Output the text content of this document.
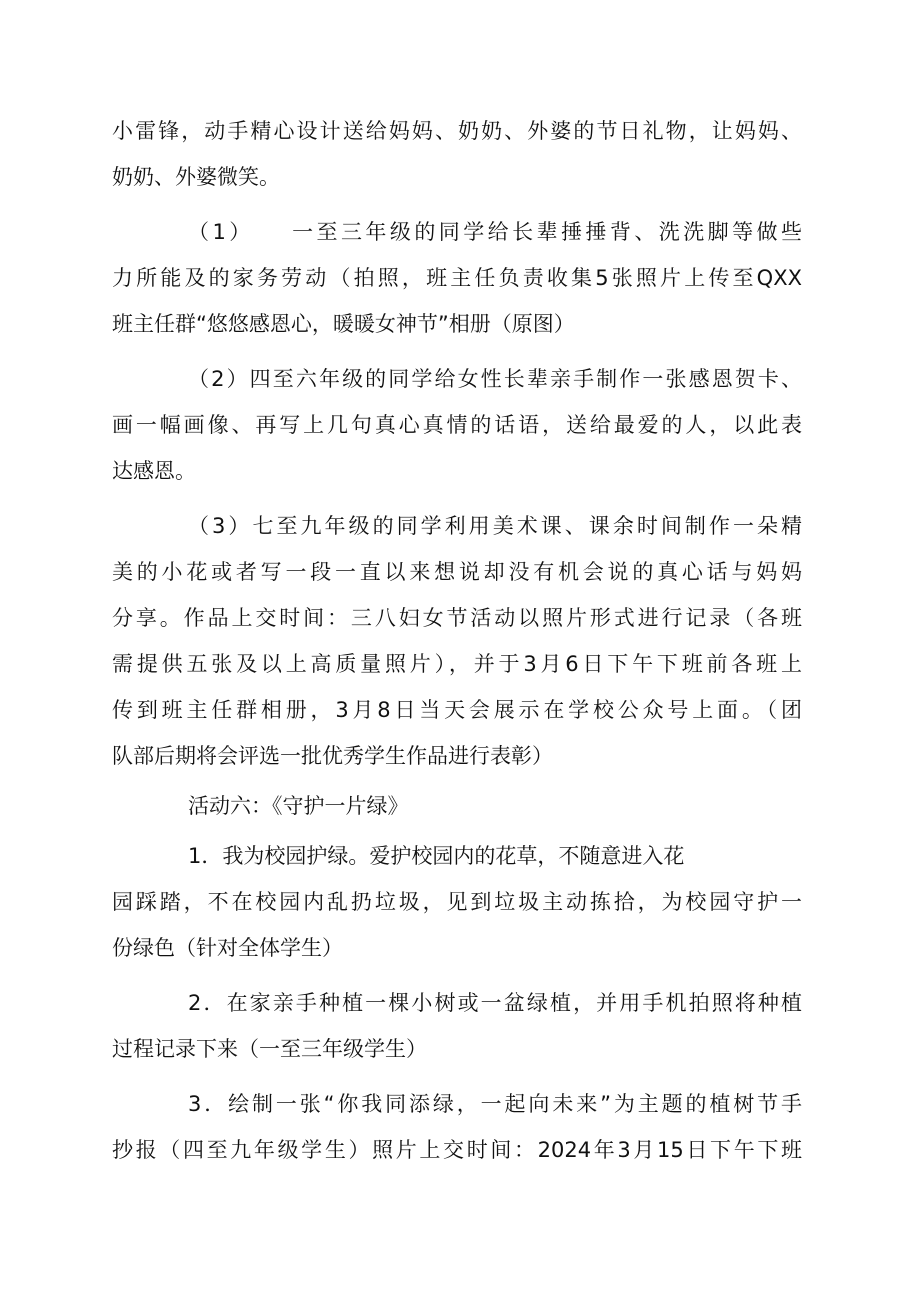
小雷锋，动手精心设计送给妈妈、奶奶、外婆的节日礼物，让妈妈、
奶奶、外婆微笑。
（1）　　一至三年级的同学给长辈捶捶背、洗洗脚等做些
力所能及的家务劳动（拍照，班主任负责收集5张照片上传至QXX
班主任群“悠悠感恩心，暖暖女神节”相册（原图）
（2）四至六年级的同学给女性长辈亲手制作一张感恩贺卡、
画一幅画像、再写上几句真心真情的话语，送给最爱的人，以此表
达感恩。
（3）七至九年级的同学利用美术课、课余时间制作一朵精
美的小花或者写一段一直以来想说却没有机会说的真心话与妈妈
分享。作品上交时间：三八妇女节活动以照片形式进行记录（各班
需提供五张及以上高质量照片），并于3月6日下午下班前各班上
传到班主任群相册，3月8日当天会展示在学校公众号上面。（团
队部后期将会评选一批优秀学生作品进行表彰）
活动六：《守护一片绿》
1．我为校园护绿。爱护校园内的花草，不随意进入花
园踩踏，不在校园内乱扔垃圾，见到垃圾主动拣拾，为校园守护一
份绿色（针对全体学生）
2．在家亲手种植一棵小树或一盆绿植，并用手机拍照将种植
过程记录下来（一至三年级学生）
3．绘制一张“你我同添绿，一起向未来”为主题的植树节手
抄报（四至九年级学生）照片上交时间：2024年3月15日下午下班
